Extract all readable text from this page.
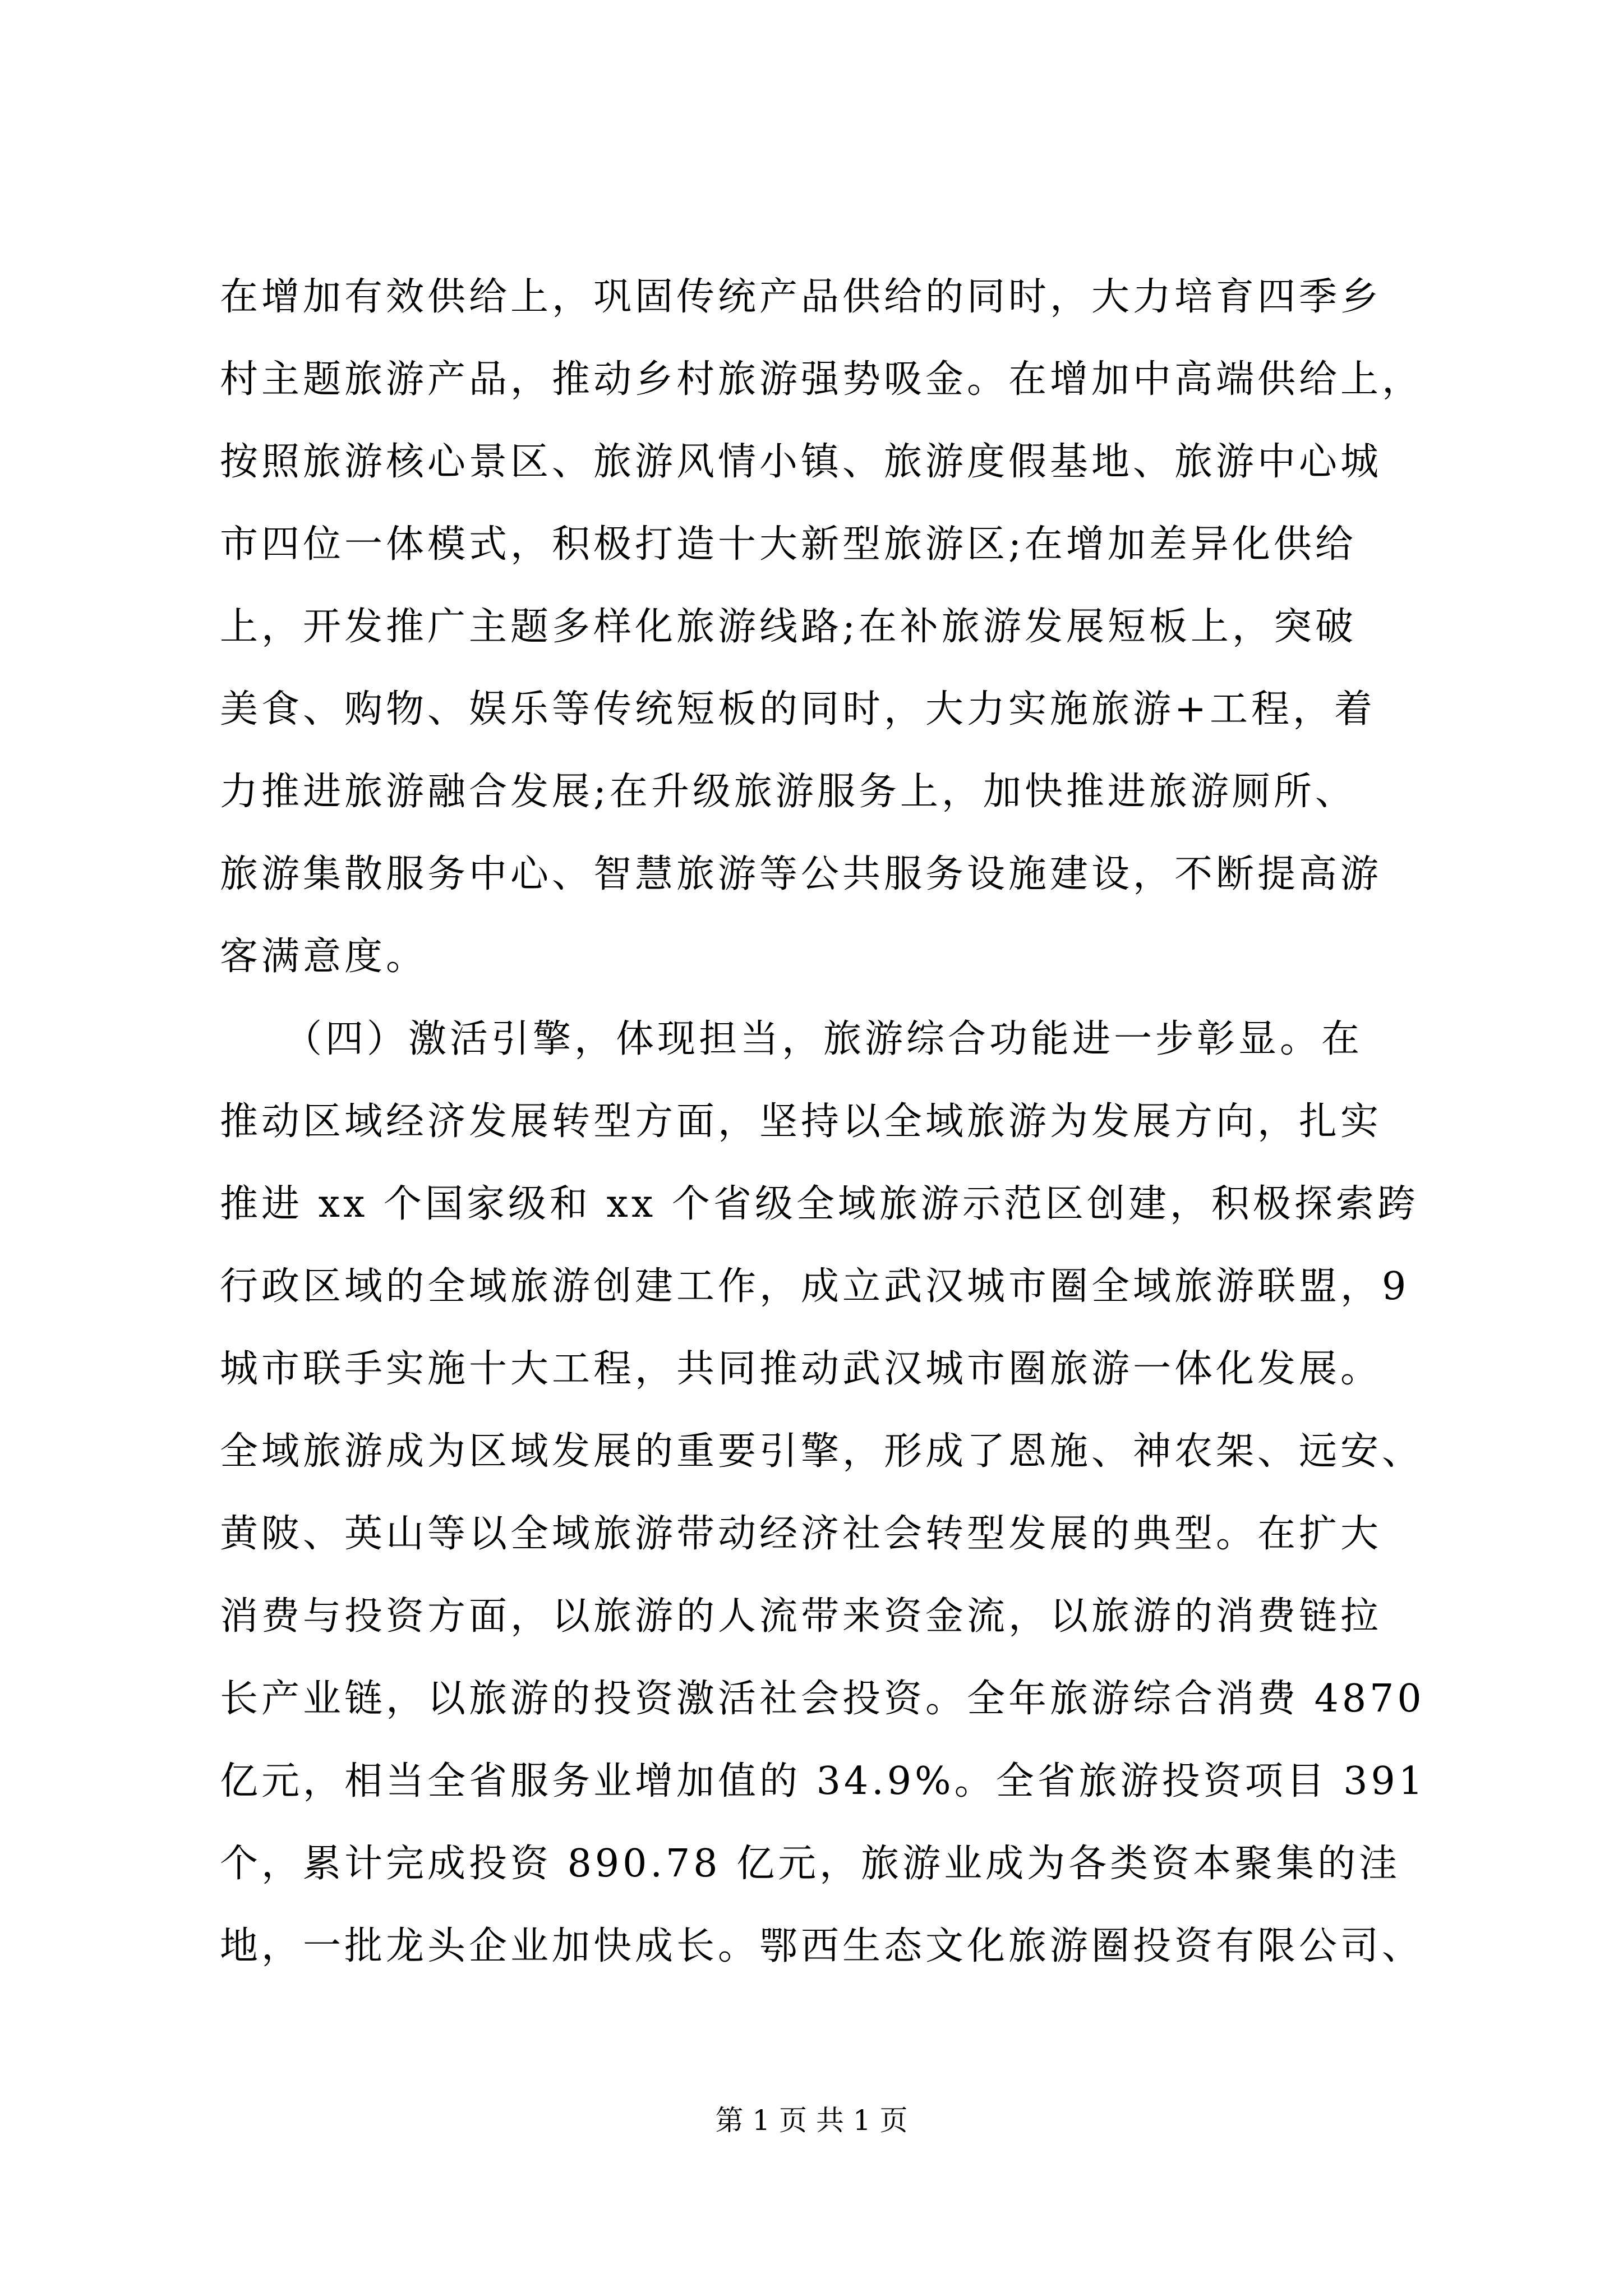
在增加有效供给上，巩固传统产品供给的同时，大力培育四季乡
村主题旅游产品，推动乡村旅游强势吸金。在增加中高端供给上，
按照旅游核心景区、旅游风情小镇、旅游度假基地、旅游中心城
市四位一体模式，积极打造十大新型旅游区;在增加差异化供给
上，开发推广主题多样化旅游线路;在补旅游发展短板上，突破
美食、购物、娱乐等传统短板的同时，大力实施旅游+工程，着
力推进旅游融合发展;在升级旅游服务上，加快推进旅游厕所、
旅游集散服务中心、智慧旅游等公共服务设施建设，不断提高游
客满意度。
　　（四）激活引擎，体现担当，旅游综合功能进一步彰显。在
推动区域经济发展转型方面，坚持以全域旅游为发展方向，扎实
推进 xx 个国家级和 xx 个省级全域旅游示范区创建，积极探索跨
行政区域的全域旅游创建工作，成立武汉城市圈全域旅游联盟，9
城市联手实施十大工程，共同推动武汉城市圈旅游一体化发展。
全域旅游成为区域发展的重要引擎，形成了恩施、神农架、远安、
黄陂、英山等以全域旅游带动经济社会转型发展的典型。在扩大
消费与投资方面，以旅游的人流带来资金流，以旅游的消费链拉
长产业链，以旅游的投资激活社会投资。全年旅游综合消费 4870
亿元，相当全省服务业增加值的 34.9%。全省旅游投资项目 391
个，累计完成投资 890.78 亿元，旅游业成为各类资本聚集的洼
地，一批龙头企业加快成长。鄂西生态文化旅游圈投资有限公司、
第 1 页 共 1 页
